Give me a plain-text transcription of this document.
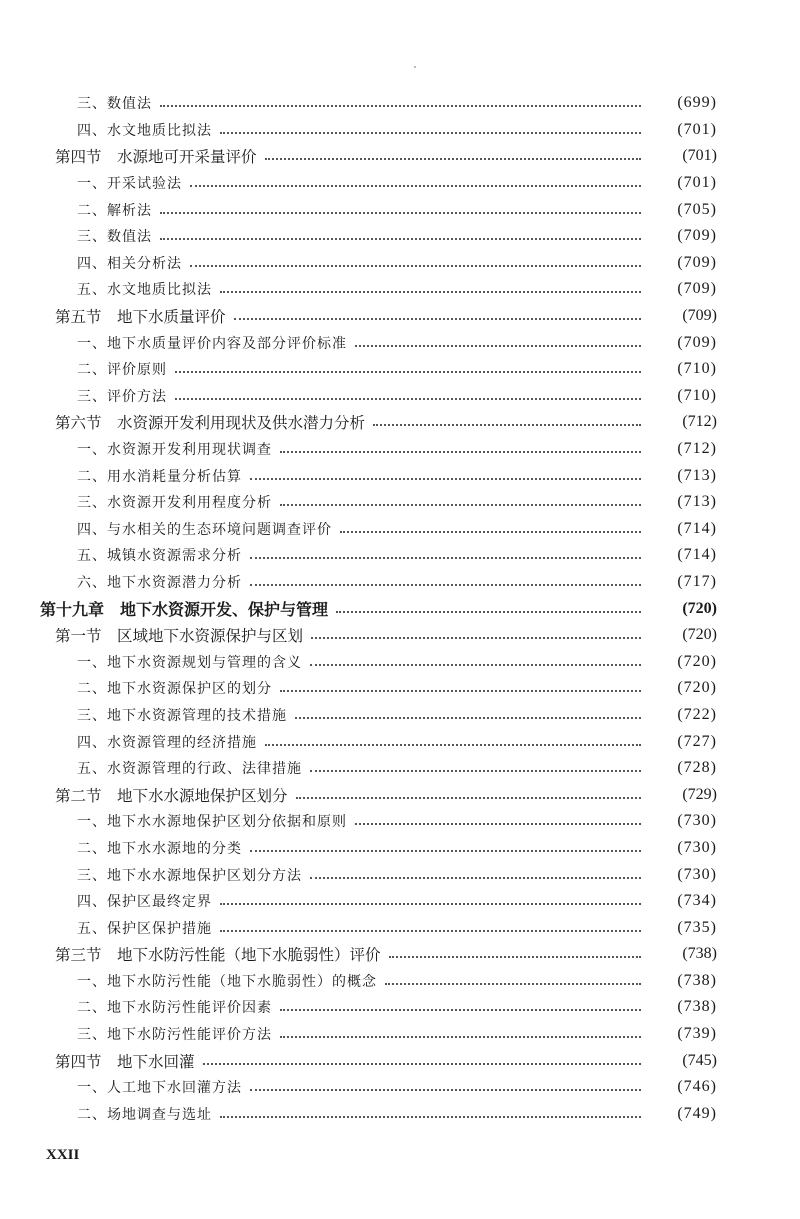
三、数值法	(699)
四、水文地质比拟法	(701)
第四节　水源地可开采量评价	(701)
一、开采试验法	(701)
二、解析法	(705)
三、数值法	(709)
四、相关分析法	(709)
五、水文地质比拟法	(709)
第五节　地下水质量评价	(709)
一、地下水质量评价内容及部分评价标准	(709)
二、评价原则	(710)
三、评价方法	(710)
第六节　水资源开发利用现状及供水潜力分析	(712)
一、水资源开发利用现状调查	(712)
二、用水消耗量分析估算	(713)
三、水资源开发利用程度分析	(713)
四、与水相关的生态环境问题调查评价	(714)
五、城镇水资源需求分析	(714)
六、地下水资源潜力分析	(717)
第十九章　地下水资源开发、保护与管理	(720)
第一节　区域地下水资源保护与区划	(720)
一、地下水资源规划与管理的含义	(720)
二、地下水资源保护区的划分	(720)
三、地下水资源管理的技术措施	(722)
四、水资源管理的经济措施	(727)
五、水资源管理的行政、法律措施	(728)
第二节　地下水水源地保护区划分	(729)
一、地下水水源地保护区划分依据和原则	(730)
二、地下水水源地的分类	(730)
三、地下水水源地保护区划分方法	(730)
四、保护区最终定界	(734)
五、保护区保护措施	(735)
第三节　地下水防污性能（地下水脆弱性）评价	(738)
一、地下水防污性能（地下水脆弱性）的概念	(738)
二、地下水防污性能评价因素	(738)
三、地下水防污性能评价方法	(739)
第四节　地下水回灌	(745)
一、人工地下水回灌方法	(746)
二、场地调查与选址	(749)
XXII
